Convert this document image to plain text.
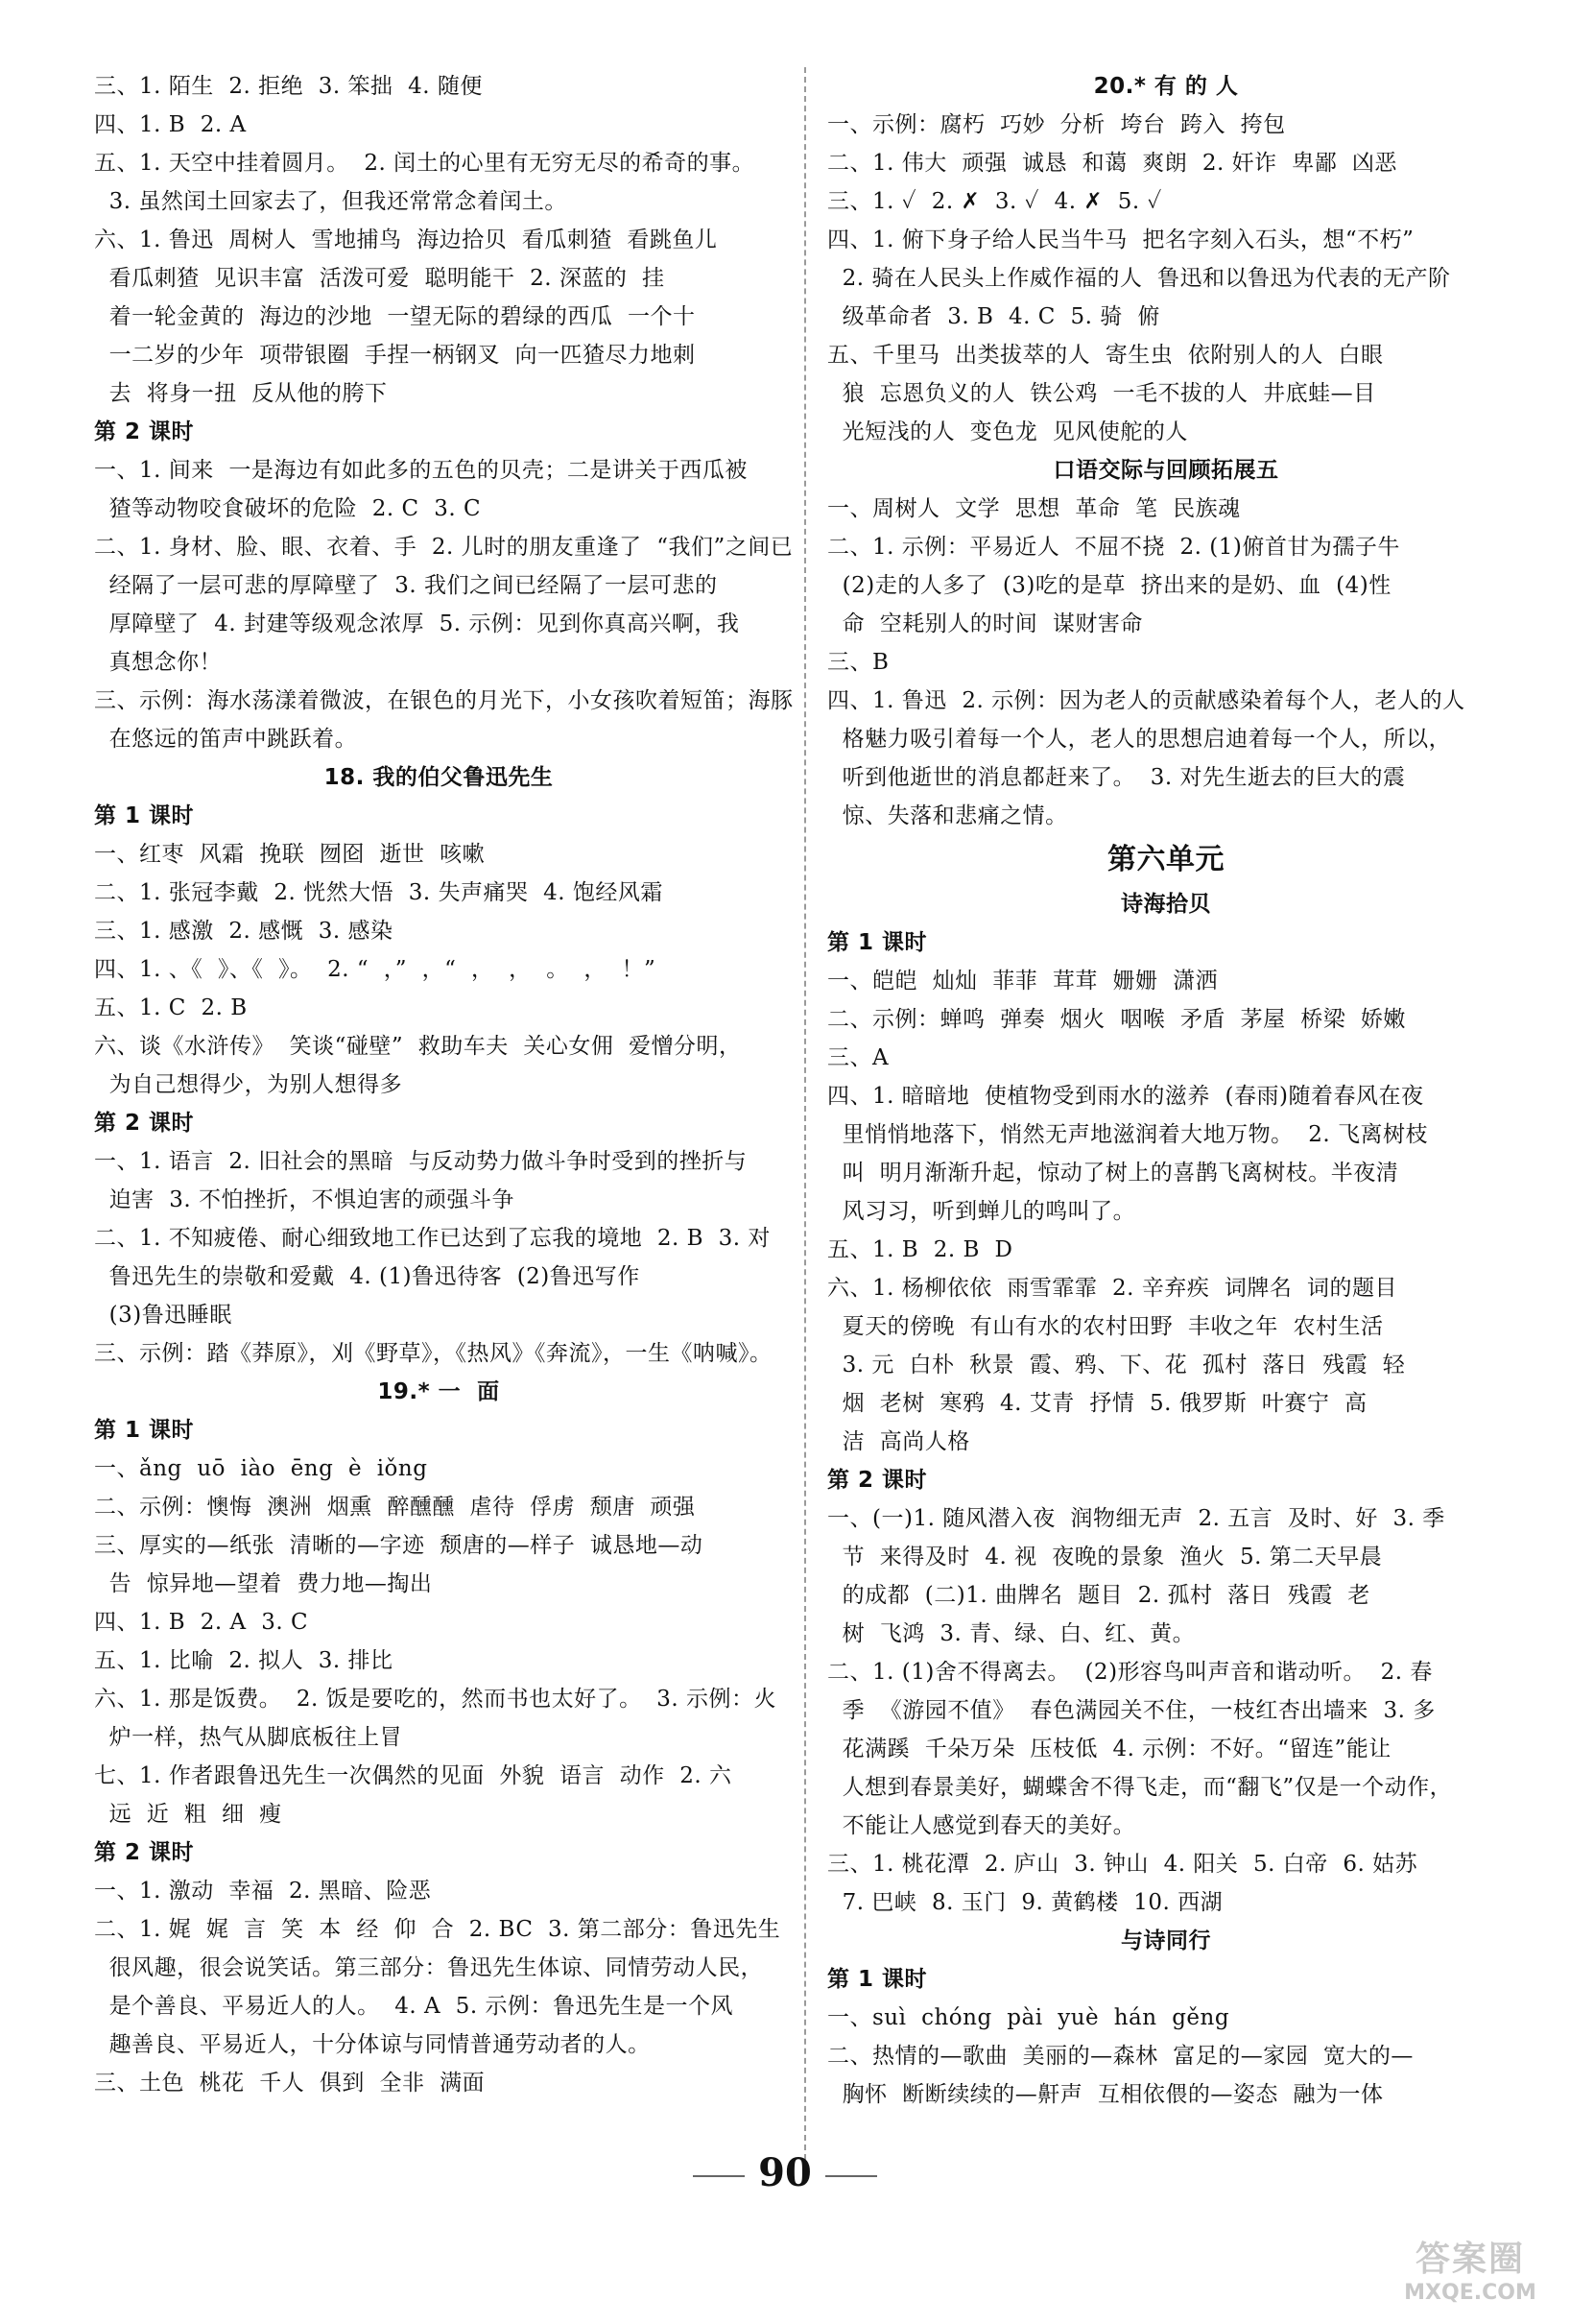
三、1. 陌生  2. 拒绝  3. 笨拙  4. 随便
四、1. B  2. A
五、1. 天空中挂着圆月。  2. 闰土的心里有无穷无尽的希奇的事。
3. 虽然闰土回家去了，但我还常常念着闰土。
六、1. 鲁迅  周树人  雪地捕鸟  海边拾贝  看瓜刺猹  看跳鱼儿
看瓜刺猹  见识丰富  活泼可爱  聪明能干  2. 深蓝的  挂
着一轮金黄的  海边的沙地  一望无际的碧绿的西瓜  一个十
一二岁的少年  项带银圈  手捏一柄钢叉  向一匹猹尽力地刺
去  将身一扭  反从他的胯下
第 2 课时
一、1. 间来  一是海边有如此多的五色的贝壳；二是讲关于西瓜被
猹等动物咬食破坏的危险  2. C  3. C
二、1. 身材、脸、眼、衣着、手  2. 儿时的朋友重逢了  “我们”之间已
经隔了一层可悲的厚障壁了  3. 我们之间已经隔了一层可悲的
厚障壁了  4. 封建等级观念浓厚  5. 示例：见到你真高兴啊，我
真想念你！
三、示例：海水荡漾着微波，在银色的月光下，小女孩吹着短笛；海豚
在悠远的笛声中跳跃着。
18. 我的伯父鲁迅先生
第 1 课时
一、红枣  风霜  挽联  囫囵  逝世  咳嗽
二、1. 张冠李戴  2. 恍然大悟  3. 失声痛哭  4. 饱经风霜
三、1. 感激  2. 感慨  3. 感染
四、1. 、《  》、《  》。  2. “  ，”  ，“  ，  ，  。  ，  ！”
五、1. C  2. B
六、谈《水浒传》  笑谈“碰壁”  救助车夫  关心女佣  爱憎分明，
为自己想得少，为别人想得多
第 2 课时
一、1. 语言  2. 旧社会的黑暗  与反动势力做斗争时受到的挫折与
迫害  3. 不怕挫折，不惧迫害的顽强斗争
二、1. 不知疲倦、耐心细致地工作已达到了忘我的境地  2. B  3. 对
鲁迅先生的崇敬和爱戴  4. (1)鲁迅待客  (2)鲁迅写作
(3)鲁迅睡眠
三、示例：踏《莽原》，刈《野草》，《热风》《奔流》，一生《呐喊》。
19.* 一  面
第 1 课时
一、ǎng  uō  iào  ēng  è  iǒng
二、示例：懊悔  澳洲  烟熏  醉醺醺  虐待  俘虏  颓唐  顽强
三、厚实的—纸张  清晰的—字迹  颓唐的—样子  诚恳地—动
告  惊异地—望着  费力地—掏出
四、1. B  2. A  3. C
五、1. 比喻  2. 拟人  3. 排比
六、1. 那是饭费。  2. 饭是要吃的，然而书也太好了。  3. 示例：火
炉一样，热气从脚底板往上冒
七、1. 作者跟鲁迅先生一次偶然的见面  外貌  语言  动作  2. 六
远  近  粗  细  瘦
第 2 课时
一、1. 激动  幸福  2. 黑暗、险恶
二、1. 娓  娓  言  笑  本  经  仰  合  2. BC  3. 第二部分：鲁迅先生
很风趣，很会说笑话。第三部分：鲁迅先生体谅、同情劳动人民，
是个善良、平易近人的人。  4. A  5. 示例：鲁迅先生是一个风
趣善良、平易近人，十分体谅与同情普通劳动者的人。
三、土色  桃花  千人  俱到  全非  满面
20.* 有 的 人
一、示例：腐朽  巧妙  分析  垮台  跨入  挎包
二、1. 伟大  顽强  诚恳  和蔼  爽朗  2. 奸诈  卑鄙  凶恶
三、1. ✓  2. ✗  3. ✓  4. ✗  5. ✓
四、1. 俯下身子给人民当牛马  把名字刻入石头，想“不朽”
2. 骑在人民头上作威作福的人  鲁迅和以鲁迅为代表的无产阶
级革命者  3. B  4. C  5. 骑  俯
五、千里马  出类拔萃的人  寄生虫  依附别人的人  白眼
狼  忘恩负义的人  铁公鸡  一毛不拔的人  井底蛙—目
光短浅的人  变色龙  见风使舵的人
口语交际与回顾拓展五
一、周树人  文学  思想  革命  笔  民族魂
二、1. 示例：平易近人  不屈不挠  2. (1)俯首甘为孺子牛
(2)走的人多了  (3)吃的是草  挤出来的是奶、血  (4)性
命  空耗别人的时间  谋财害命
三、B
四、1. 鲁迅  2. 示例：因为老人的贡献感染着每个人，老人的人
格魅力吸引着每一个人，老人的思想启迪着每一个人，所以，
听到他逝世的消息都赶来了。  3. 对先生逝去的巨大的震
惊、失落和悲痛之情。
第六单元
诗海拾贝
第 1 课时
一、皑皑  灿灿  菲菲  茸茸  姗姗  潇洒
二、示例：蝉鸣  弹奏  烟火  咽喉  矛盾  茅屋  桥梁  娇嫩
三、A
四、1. 暗暗地  使植物受到雨水的滋养  (春雨)随着春风在夜
里悄悄地落下，悄然无声地滋润着大地万物。  2. 飞离树枝
叫  明月渐渐升起，惊动了树上的喜鹊飞离树枝。半夜清
风习习，听到蝉儿的鸣叫了。
五、1. B  2. B  D
六、1. 杨柳依依  雨雪霏霏  2. 辛弃疾  词牌名  词的题目
夏天的傍晚  有山有水的农村田野  丰收之年  农村生活
3. 元  白朴  秋景  霞、鸦、下、花  孤村  落日  残霞  轻
烟  老树  寒鸦  4. 艾青  抒情  5. 俄罗斯  叶赛宁  高
洁  高尚人格
第 2 课时
一、(一)1. 随风潜入夜  润物细无声  2. 五言  及时、好  3. 季
节  来得及时  4. 视  夜晚的景象  渔火  5. 第二天早晨
的成都  (二)1. 曲牌名  题目  2. 孤村  落日  残霞  老
树  飞鸿  3. 青、绿、白、红、黄。
二、1. (1)舍不得离去。  (2)形容鸟叫声音和谐动听。  2. 春
季  《游园不值》  春色满园关不住，一枝红杏出墙来  3. 多
花满蹊  千朵万朵  压枝低  4. 示例：不好。“留连”能让
人想到春景美好，蝴蝶舍不得飞走，而“翻飞”仅是一个动作，
不能让人感觉到春天的美好。
三、1. 桃花潭  2. 庐山  3. 钟山  4. 阳关  5. 白帝  6. 姑苏
7. 巴峡  8. 玉门  9. 黄鹤楼  10. 西湖
与诗同行
第 1 课时
一、suì  chóng  pài  yuè  hán  gěng
二、热情的—歌曲  美丽的—森林  富足的—家园  宽大的—
胸怀  断断续续的—鼾声  互相依偎的—姿态  融为一体
90
答案圈
MXQE.COM
